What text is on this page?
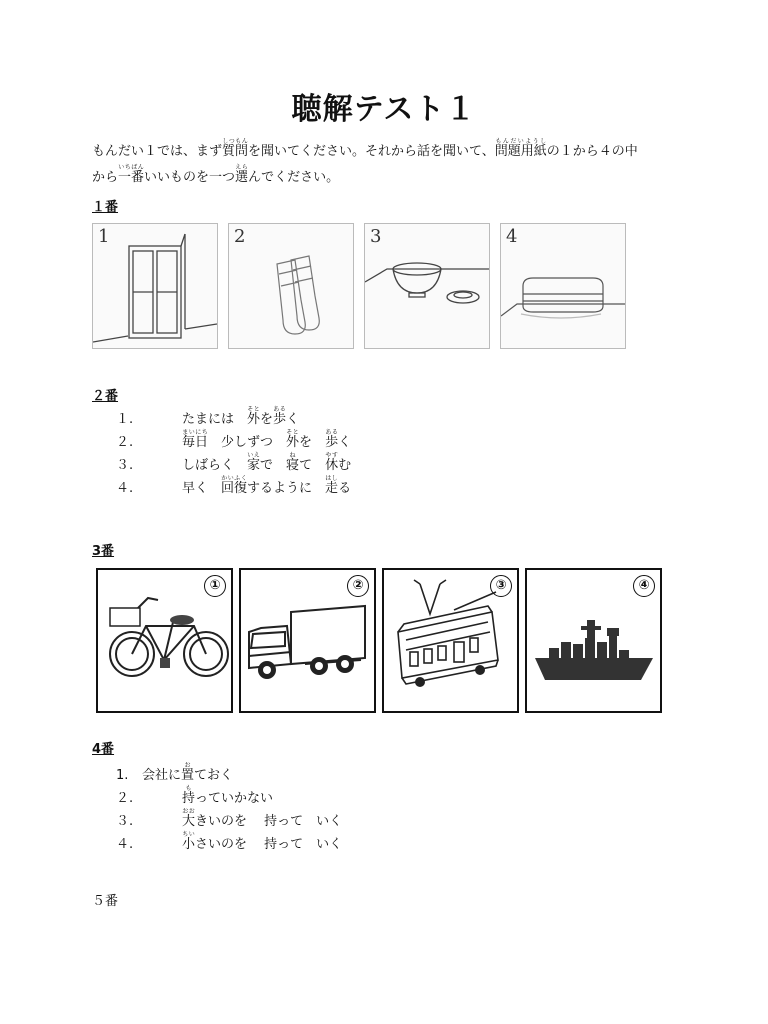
聴解テスト１
もんだい１では、まず質問しつもんを聞いてください。それから話を聞いて、問題用紙もんだいようしの１から４の中
から一番いちばんいいものを一つ選えらんでください。
１番
1	2	3	4
２番
１.	たまには　外そとを歩あるく
２.	毎日まいにち　少しずつ　外そとを　歩あるく
３.	しばらく　家いえで　寝ねて　休やすむ
４.	早く　回復かいふくするように　走はしる
3番
①	②	③	④
4番
1. 会社に置おておく
２.	持もっていかない
３.	大おおきいのを　 持って　いく
４.	小ちいさいのを　 持って　いく
５番
